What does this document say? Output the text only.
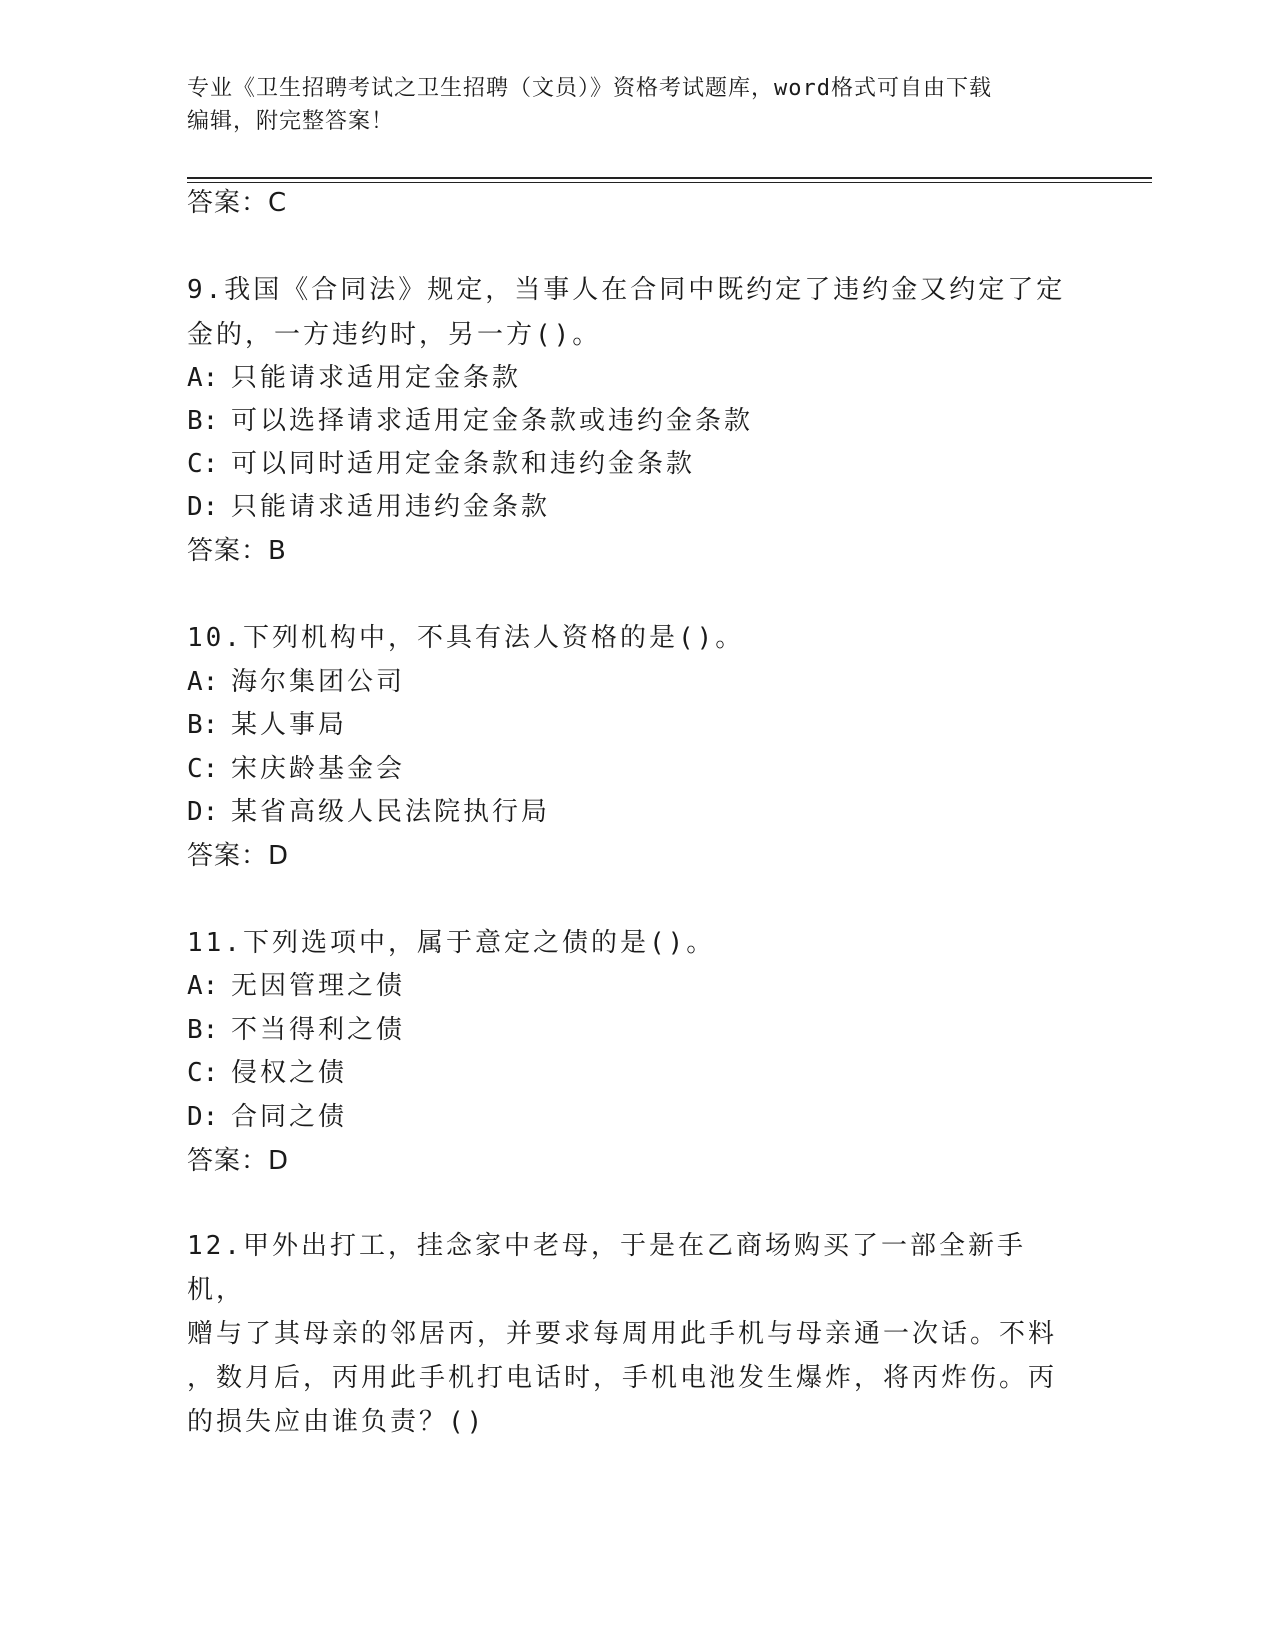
专业《卫生招聘考试之卫生招聘（文员）》资格考试题库，word格式可自由下载
编辑，附完整答案！

答案：C

9.我国《合同法》规定，当事人在合同中既约定了违约金又约定了定
金的，一方违约时，另一方()。

A: 只能请求适用定金条款

B: 可以选择请求适用定金条款或违约金条款

C: 可以同时适用定金条款和违约金条款

D: 只能请求适用违约金条款

答案：B

10.下列机构中，不具有法人资格的是()。

A: 海尔集团公司

B: 某人事局

C: 宋庆龄基金会

D: 某省高级人民法院执行局

答案：D

11.下列选项中，属于意定之债的是()。

A: 无因管理之债

B: 不当得利之债

C: 侵权之债

D: 合同之债

答案：D

12.甲外出打工，挂念家中老母，于是在乙商场购买了一部全新手机，
赠与了其母亲的邻居丙，并要求每周用此手机与母亲通一次话。不料
，数月后，丙用此手机打电话时，手机电池发生爆炸，将丙炸伤。丙
的损失应由谁负责？()
